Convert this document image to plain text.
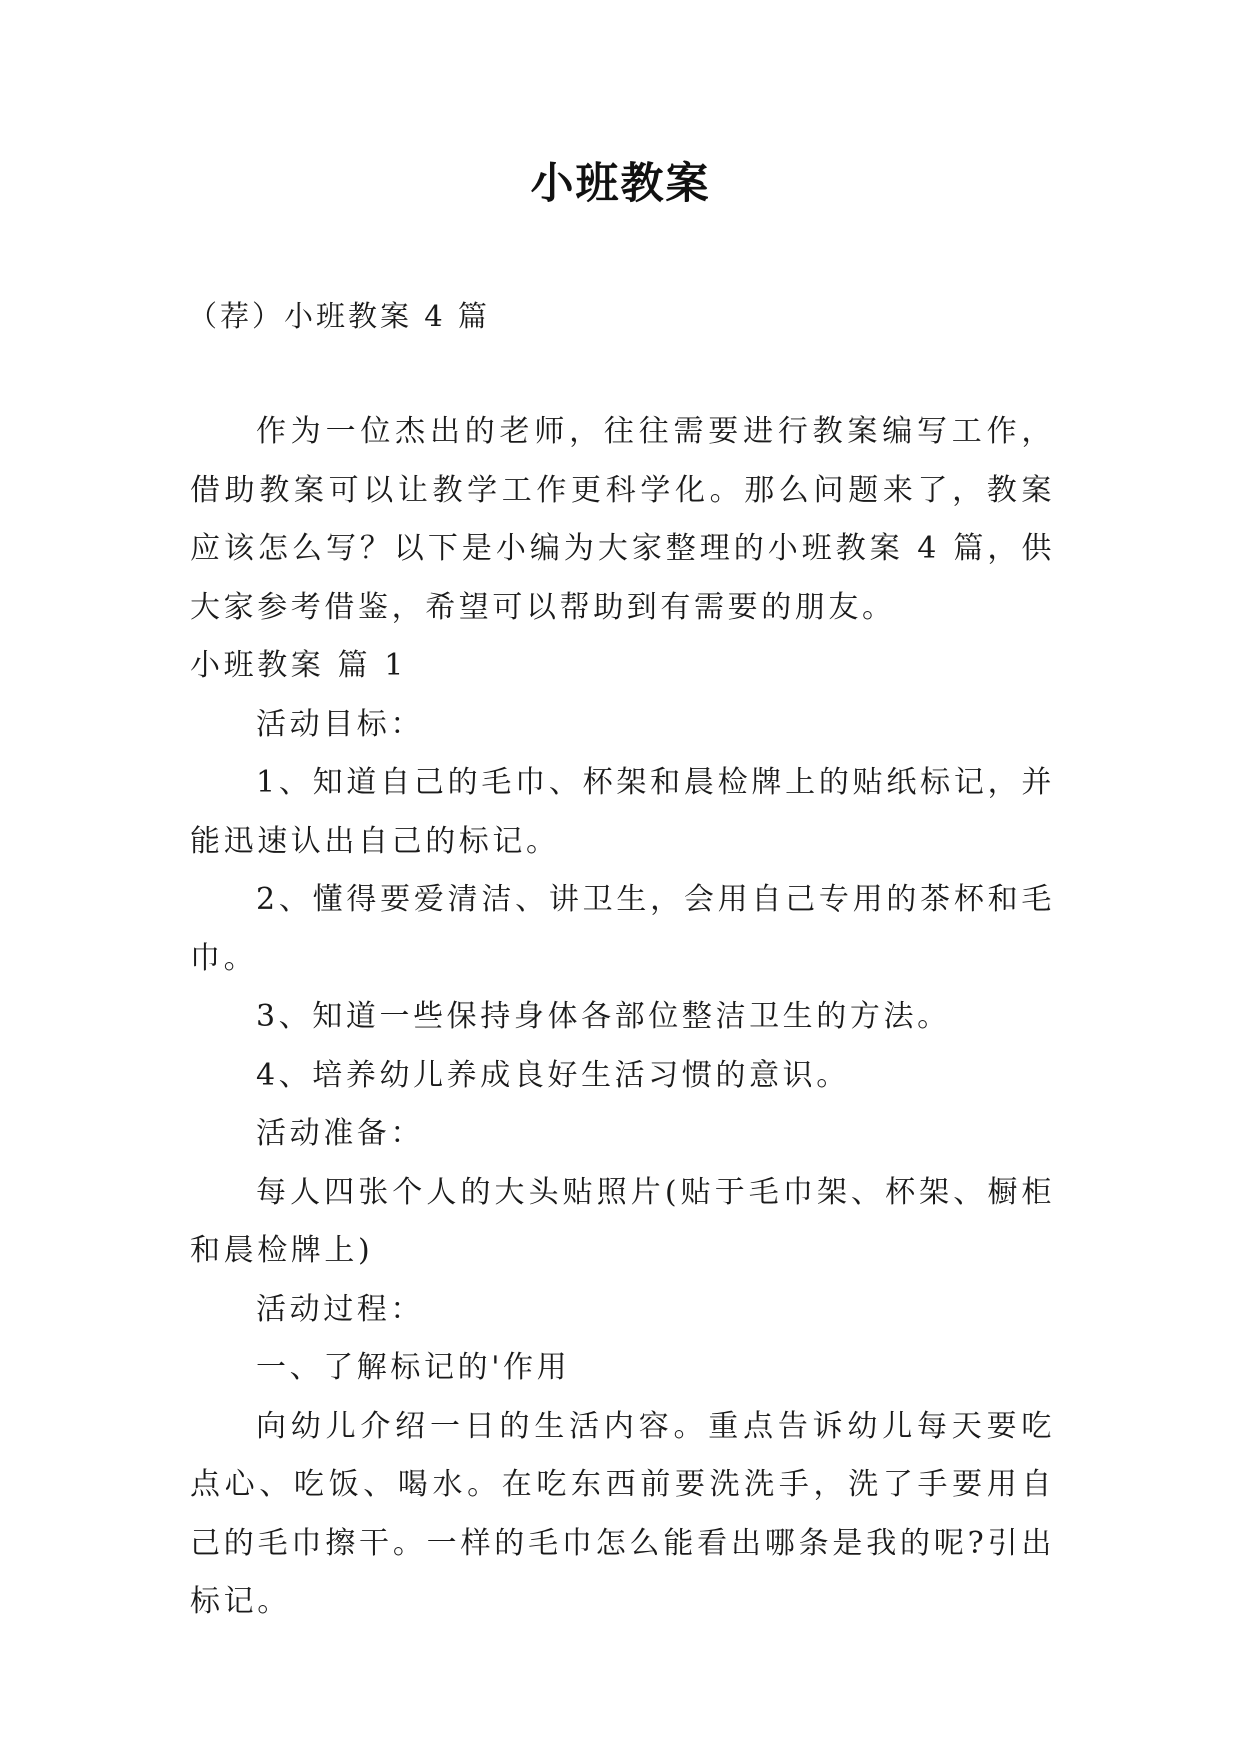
小班教案

（荐）小班教案 4 篇

作为一位杰出的老师，往往需要进行教案编写工作，借助教案可以让教学工作更科学化。那么问题来了，教案应该怎么写？以下是小编为大家整理的小班教案 4 篇，供大家参考借鉴，希望可以帮助到有需要的朋友。

小班教案 篇 1

活动目标：

1、知道自己的毛巾、杯架和晨检牌上的贴纸标记，并能迅速认出自己的标记。

2、懂得要爱清洁、讲卫生，会用自己专用的茶杯和毛巾。

3、知道一些保持身体各部位整洁卫生的方法。

4、培养幼儿养成良好生活习惯的意识。

活动准备：

每人四张个人的大头贴照片(贴于毛巾架、杯架、橱柜和晨检牌上)

活动过程：

一、了解标记的'作用

向幼儿介绍一日的生活内容。重点告诉幼儿每天要吃点心、吃饭、喝水。在吃东西前要洗洗手，洗了手要用自己的毛巾擦干。一样的毛巾怎么能看出哪条是我的呢?引出标记。
